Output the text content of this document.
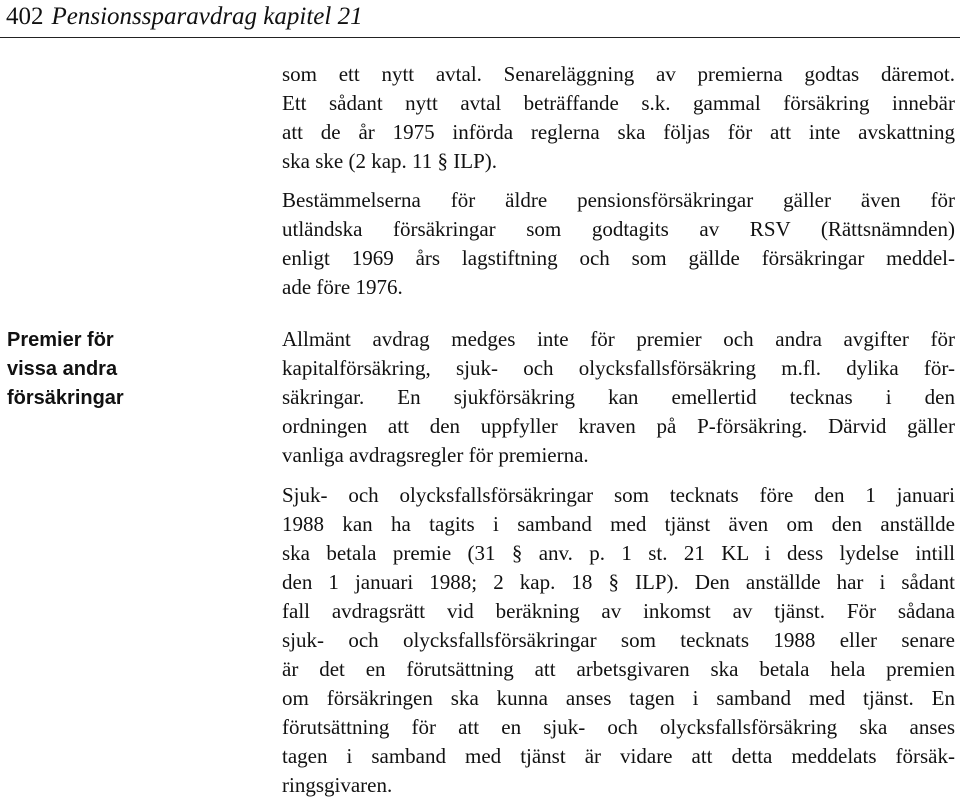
402 Pensionssparavdrag kapitel 21
Premier för
vissa andra
försäkringar
som ett nytt avtal. Senareläggning av premierna godtas däremot.
Ett sådant nytt avtal beträffande s.k. gammal försäkring innebär
att de år 1975 införda reglerna ska följas för att inte avskattning
ska ske (2 kap. 11 § ILP).
Bestämmelserna för äldre pensionsförsäkringar gäller även för
utländska försäkringar som godtagits av RSV (Rättsnämnden)
enligt 1969 års lagstiftning och som gällde försäkringar meddel-
ade före 1976.
Allmänt avdrag medges inte för premier och andra avgifter för
kapitalförsäkring, sjuk- och olycksfallsförsäkring m.fl. dylika för-
säkringar. En sjukförsäkring kan emellertid tecknas i den
ordningen att den uppfyller kraven på P-försäkring. Därvid gäller
vanliga avdragsregler för premierna.
Sjuk- och olycksfallsförsäkringar som tecknats före den 1 januari
1988 kan ha tagits i samband med tjänst även om den anställde
ska betala premie (31 § anv. p. 1 st. 21 KL i dess lydelse intill
den 1 januari 1988; 2 kap. 18 § ILP). Den anställde har i sådant
fall avdragsrätt vid beräkning av inkomst av tjänst. För sådana
sjuk- och olycksfallsförsäkringar som tecknats 1988 eller senare
är det en förutsättning att arbetsgivaren ska betala hela premien
om försäkringen ska kunna anses tagen i samband med tjänst. En
förutsättning för att en sjuk- och olycksfallsförsäkring ska anses
tagen i samband med tjänst är vidare att detta meddelats försäk-
ringsgivaren.
